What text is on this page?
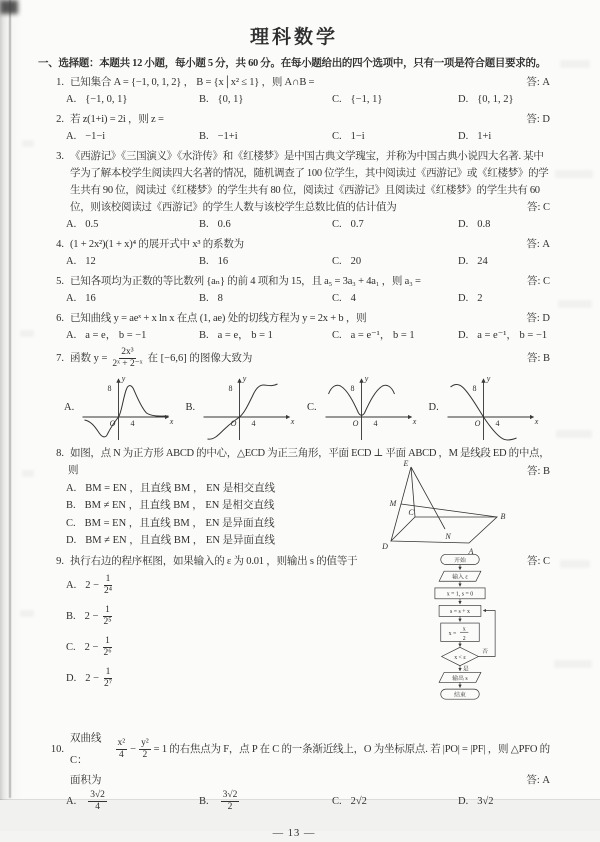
理科数学
一、选择题：本题共 12 小题，每小题 5 分，共 60 分。在每小题给出的四个选项中，只有一项是符合题目要求的。
1. 已知集合 A = {−1, 0, 1, 2} ， B = {x│x² ≤ 1} ，则 A∩B =	答: A
A. {−1, 0, 1}	B. {0, 1}	C. {−1, 1}	D. {0, 1, 2}
2. 若 z(1+i) = 2i ，则 z =	答: D
A. −1−i	B. −1+i	C. 1−i	D. 1+i
3. 《西游记》《三国演义》《水浒传》和《红楼梦》是中国古典文学瑰宝，并称为中国古典小说四大名著. 某中
学为了解本校学生阅读四大名著的情况，随机调查了 100 位学生，其中阅读过《西游记》或《红楼梦》的学
生共有 90 位，阅读过《红楼梦》的学生共有 80 位，阅读过《西游记》且阅读过《红楼梦》的学生共有 60
位，则该校阅读过《西游记》的学生人数与该校学生总数比值的估计值为	答: C
A. 0.5	B. 0.6	C. 0.7	D. 0.8
4. (1 + 2x²)(1 + x)⁴ 的展开式中 x³ 的系数为	答: A
A. 12	B. 16	C. 20	D. 24
5. 已知各项均为正数的等比数列 {aₙ} 的前 4 项和为 15，且 a₅ = 3a₃ + 4a₁ ，则 a₃ =	答: C
A. 16	B. 8	C. 4	D. 2
6. 已知曲线 y = aeˣ + x ln x 在点 (1, ae) 处的切线方程为 y = 2x + b ，则	答: D
A. a = e， b = −1	B. a = e， b = 1	C. a = e⁻¹， b = 1	D. a = e⁻¹， b = −1
7. 函数 $y = \frac{\text{2x³}}{\text{2ˣ + 2⁻ˣ}}$ 在 [−6,6] 的图像大致为	答: B
A.
8
4
O	x
y
B.
8
4
O	x
y
C.
8
4
O	x
y
D.
8
4
O	x
y
8. 如图，点 N 为正方形 ABCD 的中心，△ECD 为正三角形，平面 ECD ⊥ 平面 ABCD ，M 是线段 ED 的中点，
则
A. BM = EN ，且直线 BM ， EN 是相交直线
B. BM ≠ EN ，且直线 BM ， EN 是相交直线
C. BM = EN ，且直线 BM ， EN 是异面直线
D. BM ≠ EN ，且直线 BM ， EN 是异面直线
答: B
E
M
C	B
N
D
A
9. 执行右边的程序框图，如果输入的 ε 为 0.01 ，则输出 s 的值等于	答: C
A. $2 - \frac{1}{\text{2⁴}}$
B. $2 - \frac{1}{\text{2⁵}}$
C. $2 - \frac{1}{\text{2⁶}}$
D. $2 - \frac{1}{\text{2⁷}}$
开始
输入 ε
x = 1, s = 0
s = s + x
x =
x
2
x < ε
否
是
输出 s
结束
10.
双曲线 C：
x²
4
− $\frac{\text{y²}}{2} = 1$ 的右焦点为 F，点 P 在 C 的一条渐近线上，O 为坐标原点. 若 |PO| = |PF| ，则 △PFO 的
面积为	答: A
A.
3√2
4
B.
3√2
2
C. 2√2	D. 3√2
— 13 —
